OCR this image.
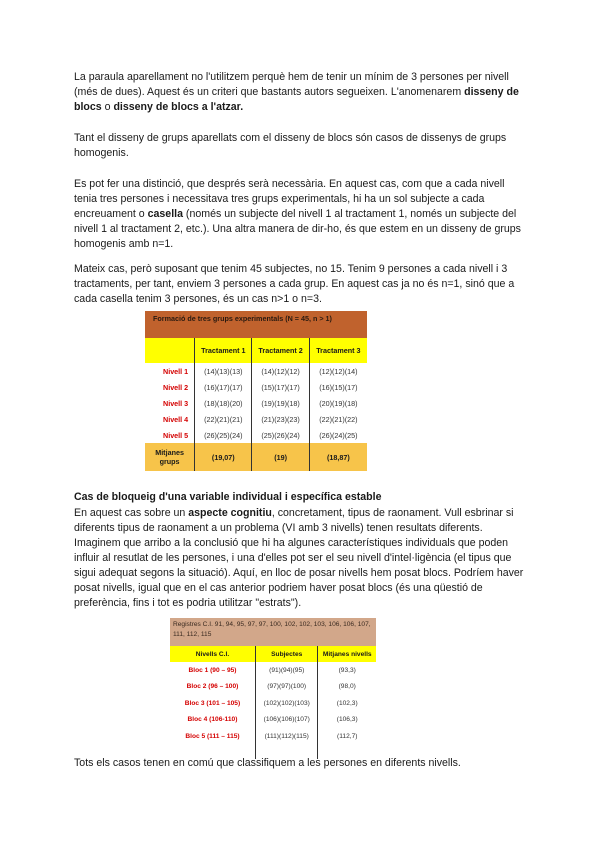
La paraula aparellament no l'utilitzem perquè hem de tenir un mínim de 3 persones per nivell (més de dues). Aquest és un criteri que bastants autors segueixen. L'anomenarem disseny de blocs o disseny de blocs a l'atzar.

Tant el disseny de grups aparellats com el disseny de blocs són casos de dissenys de grups homogenis.

Es pot fer una distinció, que després serà necessària. En aquest cas, com que a cada nivell tenia tres persones i necessitava tres grups experimentals, hi ha un sol subjecte a cada encreuament o casella (només un subjecte del nivell 1 al tractament 1, només un subjecte del nivell 1 al tractament 2, etc.). Una altra manera de dir-ho, és que estem en un disseny de grups homogenis amb n=1.

Mateix cas, però suposant que tenim 45 subjectes, no 15. Tenim 9 persones a cada nivell i 3 tractaments, per tant, enviem 3 persones a cada grup. En aquest cas ja no és n=1, sinó que a cada casella tenim 3 persones, és un cas n>1 o n=3.

Formació de tres grups experimentals (N = 45, n > 1)			
	Tractament 1	Tractament 2	Tractament 3
Nivell 1	(14)(13)(13)	(14)(12)(12)	(12)(12)(14)
Nivell 2	(16)(17)(17)	(15)(17)(17)	(16)(15)(17)
Nivell 3	(18)(18)(20)	(19)(19)(18)	(20)(19)(18)
Nivell 4	(22)(21)(21)	(21)(23)(23)	(22)(21)(22)
Nivell 5	(26)(25)(24)	(25)(26)(24)	(26)(24)(25)
Mitjanes grups	(19,07)	(19)	(18,87)

Cas de bloqueig d'una variable individual i específica estable

En aquest cas sobre un aspecte cognitiu, concretament, tipus de raonament. Vull esbrinar si diferents tipus de raonament a un problema (VI amb 3 nivells) tenen resultats diferents. Imaginem que arribo a la conclusió que hi ha algunes característiques individuals que poden influir al resutlat de les persones, i una d'elles pot ser el seu nivell d'intel·ligència (el tipus que sigui adequat segons la situació). Aquí, en lloc de posar nivells hem posat blocs. Podríem haver posat nivells, igual que en el cas anterior podriem haver posat blocs (és una qüestió de preferència, fins i tot es podria utilitzar "estrats").

Registres C.I. 91, 94, 95, 97, 97, 100, 102, 102, 103, 106, 106, 107, 111, 112, 115		
Nivells C.I.	Subjectes	Mitjanes nivells
Bloc 1 (90 – 95)	(91)(94)(95)	(93,3)
Bloc 2 (96 – 100)	(97)(97)(100)	(98,0)
Bloc 3 (101 – 105)	(102)(102)(103)	(102,3)
Bloc 4 (106-110)	(106)(106)(107)	(106,3)
Bloc 5 (111 – 115)	(111)(112)(115)	(112,7)

Tots els casos tenen en comú que classifiquem a les persones en diferents nivells.
